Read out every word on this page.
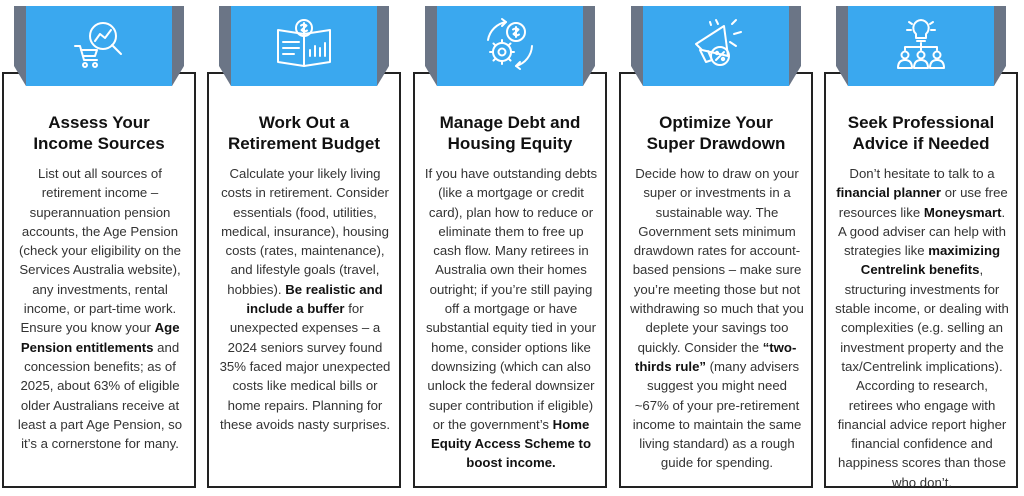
Assess Your
Income Sources
List out all sources of retirement income – superannuation pension accounts, the Age Pension (check your eligibility on the Services Australia website), any investments, rental income, or part-time work. Ensure you know your Age Pension entitlements and concession benefits; as of 2025, about 63% of eligible older Australians receive at least a part Age Pension, so it’s a cornerstone for many.
Work Out a
Retirement Budget
Calculate your likely living costs in retirement. Consider essentials (food, utilities, medical, insurance), housing costs (rates, maintenance), and lifestyle goals (travel, hobbies). Be realistic and include a buffer for unexpected expenses – a 2024 seniors survey found 35% faced major unexpected costs like medical bills or home repairs. Planning for these avoids nasty surprises.
Manage Debt and
Housing Equity
If you have outstanding debts (like a mortgage or credit card), plan how to reduce or eliminate them to free up cash flow. Many retirees in Australia own their homes outright; if you’re still paying off a mortgage or have substantial equity tied in your home, consider options like downsizing (which can also unlock the federal downsizer super contribution if eligible) or the government’s Home Equity Access Scheme to boost income.
Optimize Your
Super Drawdown
Decide how to draw on your super or investments in a sustainable way. The Government sets minimum drawdown rates for account-based pensions – make sure you’re meeting those but not withdrawing so much that you deplete your savings too quickly. Consider the “two-thirds rule” (many advisers suggest you might need ~67% of your pre-retirement income to maintain the same living standard) as a rough guide for spending.
Seek Professional
Advice if Needed
Don’t hesitate to talk to a financial planner or use free resources like Moneysmart. A good adviser can help with strategies like maximizing Centrelink benefits, structuring investments for stable income, or dealing with complexities (e.g. selling an investment property and the tax/Centrelink implications). According to research, retirees who engage with financial advice report higher financial confidence and happiness scores than those who don’t.
